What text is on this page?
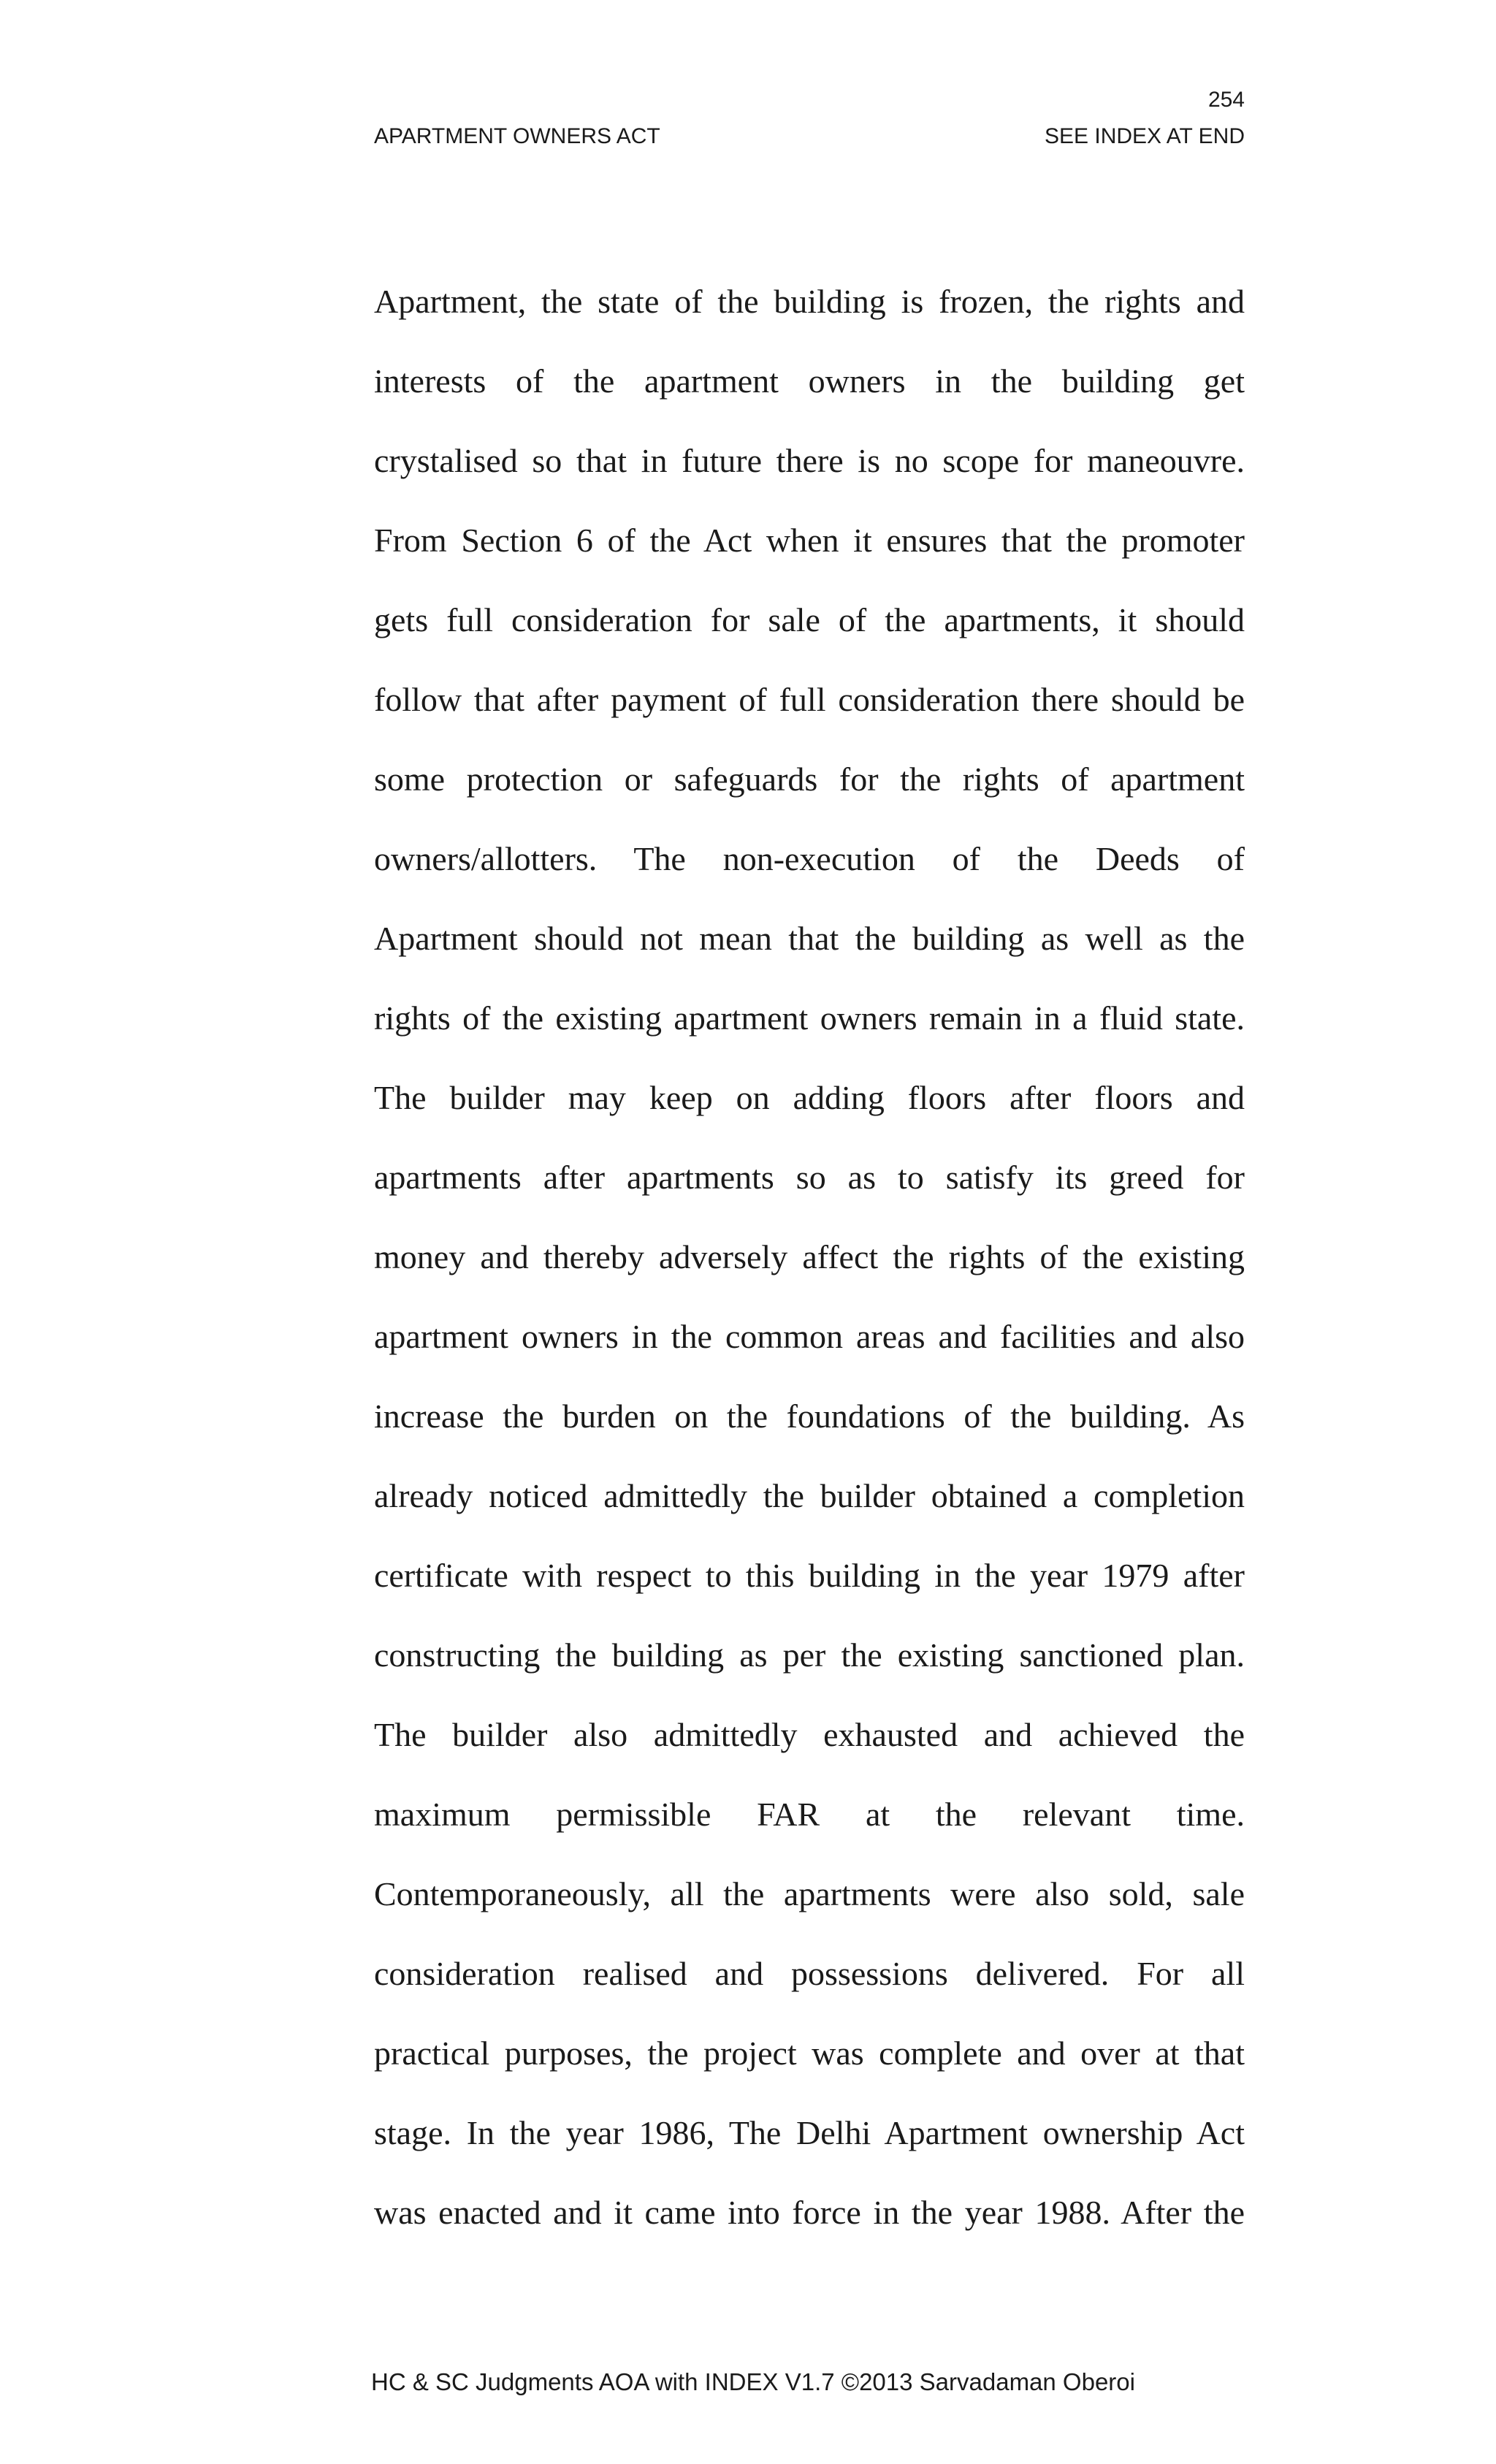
254
APARTMENT OWNERS ACT	SEE INDEX AT END
Apartment, the state of the building is frozen, the rights and
interests of the apartment owners in the building get
crystalised so that in future there is no scope for maneouvre.
From Section 6 of the Act when it ensures that the promoter
gets full consideration for sale of the apartments, it should
follow that after payment of full consideration there should be
some protection or safeguards for the rights of apartment
owners/allotters. The non-execution of the Deeds of
Apartment should not mean that the building as well as the
rights of the existing apartment owners remain in a fluid state.
The builder may keep on adding floors after floors and
apartments after apartments so as to satisfy its greed for
money and thereby adversely affect the rights of the existing
apartment owners in the common areas and facilities and also
increase the burden on the foundations of the building. As
already noticed admittedly the builder obtained a completion
certificate with respect to this building in the year 1979 after
constructing the building as per the existing sanctioned plan.
The builder also admittedly exhausted and achieved the
maximum permissible FAR at the relevant time.
Contemporaneously, all the apartments were also sold, sale
consideration realised and possessions delivered. For all
practical purposes, the project was complete and over at that
stage. In the year 1986, The Delhi Apartment ownership Act
was enacted and it came into force in the year 1988. After the
HC & SC Judgments AOA with INDEX V1.7 ©2013 Sarvadaman Oberoi
